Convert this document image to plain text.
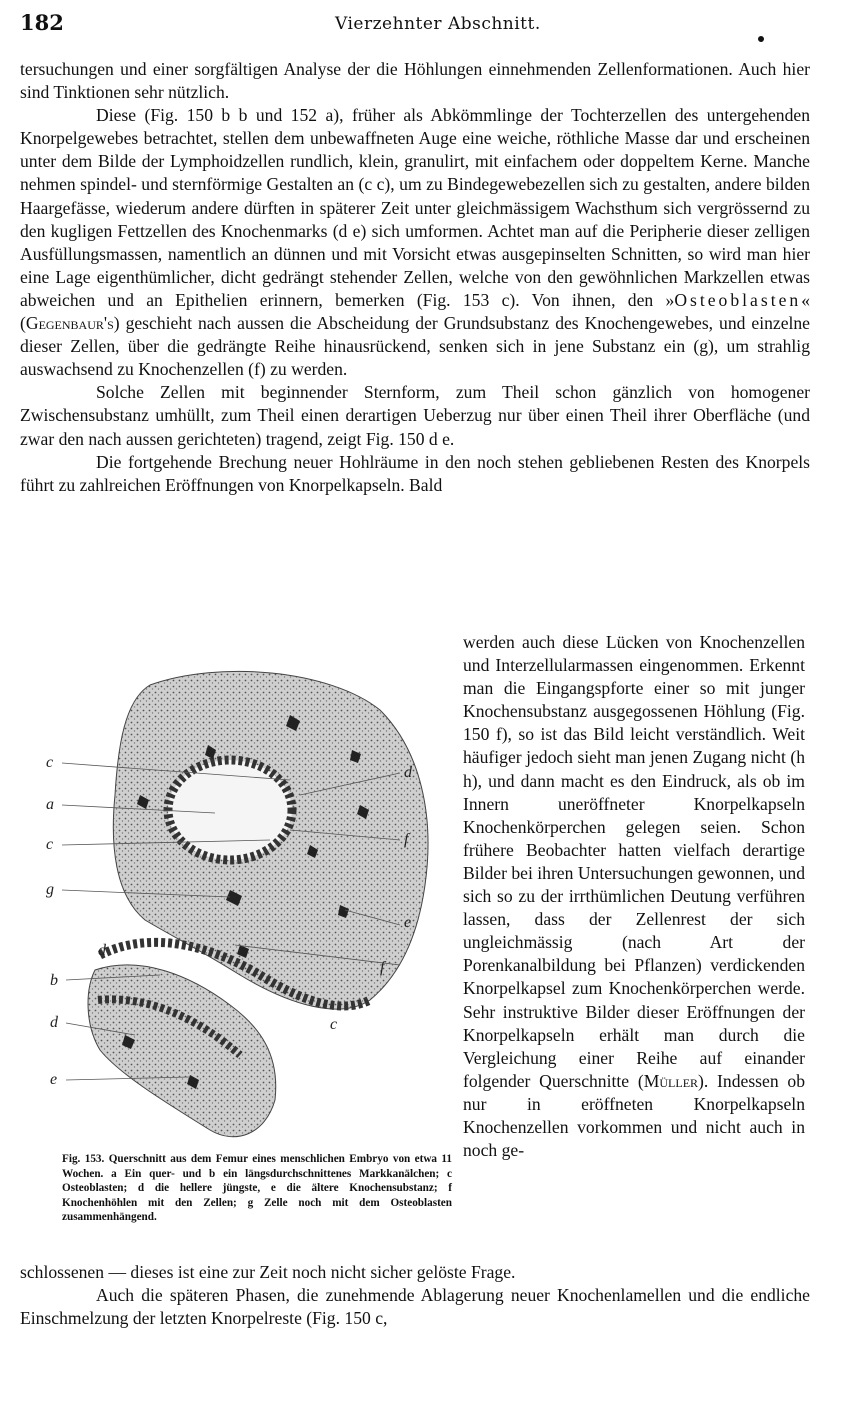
182	Vierzehnter Abschnitt.

tersuchungen und einer sorgfältigen Analyse der die Höhlungen einnehmenden Zellenformationen. Auch hier sind Tinktionen sehr nützlich.

Diese (Fig. 150 b b und 152 a), früher als Abkömmlinge der Tochterzellen des untergehenden Knorpelgewebes betrachtet, stellen dem unbewaffneten Auge eine weiche, röthliche Masse dar und erscheinen unter dem Bilde der Lymphoidzellen rundlich, klein, granulirt, mit einfachem oder doppeltem Kerne. Manche nehmen spindel- und sternförmige Gestalten an (c c), um zu Bindegewebezellen sich zu gestalten, andere bilden Haargefässe, wiederum andere dürften in späterer Zeit unter gleichmässigem Wachsthum sich vergrössernd zu den kugligen Fettzellen des Knochenmarks (d e) sich umformen. Achtet man auf die Peripherie dieser zelligen Ausfüllungsmassen, namentlich an dünnen und mit Vorsicht etwas ausgepinselten Schnitten, so wird man hier eine Lage eigenthümlicher, dicht gedrängt stehender Zellen, welche von den gewöhnlichen Markzellen etwas abweichen und an Epithelien erinnern, bemerken (Fig. 153 c). Von ihnen, den »Osteoblasten« (Gegenbaur's) geschieht nach aussen die Abscheidung der Grundsubstanz des Knochengewebes, und einzelne dieser Zellen, über die gedrängte Reihe hinausrückend, senken sich in jene Substanz ein (g), um strahlig auswachsend zu Knochenzellen (f) zu werden.

Solche Zellen mit beginnender Sternform, zum Theil schon gänzlich von homogener Zwischensubstanz umhüllt, zum Theil einen derartigen Ueberzug nur über einen Theil ihrer Oberfläche (und zwar den nach aussen gerichteten) tragend, zeigt Fig. 150 d e.

Die fortgehende Brechung neuer Hohlräume in den noch stehen gebliebenen Resten des Knorpels führt zu zahlreichen Eröffnungen von Knorpelkapseln. Bald

c
a
c
g
d
b
d
e
d
f
e
f
c
Fig. 153. Querschnitt aus dem Femur eines menschlichen Embryo von etwa 11 Wochen. a Ein quer- und b ein längsdurchschnittenes Markkanälchen; c Osteoblasten; d die hellere jüngste, e die ältere Knochensubstanz; f Knochenhöhlen mit den Zellen; g Zelle noch mit dem Osteoblasten zusammenhängend.

werden auch diese Lücken von Knochenzellen und Interzellularmassen eingenommen. Erkennt man die Eingangspforte einer so mit junger Knochensubstanz ausgegossenen Höhlung (Fig. 150 f), so ist das Bild leicht verständlich. Weit häufiger jedoch sieht man jenen Zugang nicht (h h), und dann macht es den Eindruck, als ob im Innern uneröffneter Knorpelkapseln Knochenkörperchen gelegen seien. Schon frühere Beobachter hatten vielfach derartige Bilder bei ihren Untersuchungen gewonnen, und sich so zu der irrthümlichen Deutung verführen lassen, dass der Zellenrest der sich ungleichmässig (nach Art der Porenkanalbildung bei Pflanzen) verdickenden Knorpelkapsel zum Knochenkörperchen werde. Sehr instruktive Bilder dieser Eröffnungen der Knorpelkapseln erhält man durch die Vergleichung einer Reihe auf einander folgender Querschnitte (Müller). Indessen ob nur in eröffneten Knorpelkapseln Knochenzellen vorkommen und nicht auch in noch ge-

schlossenen — dieses ist eine zur Zeit noch nicht sicher gelöste Frage.

Auch die späteren Phasen, die zunehmende Ablagerung neuer Knochenlamellen und die endliche Einschmelzung der letzten Knorpelreste (Fig. 150 c,
